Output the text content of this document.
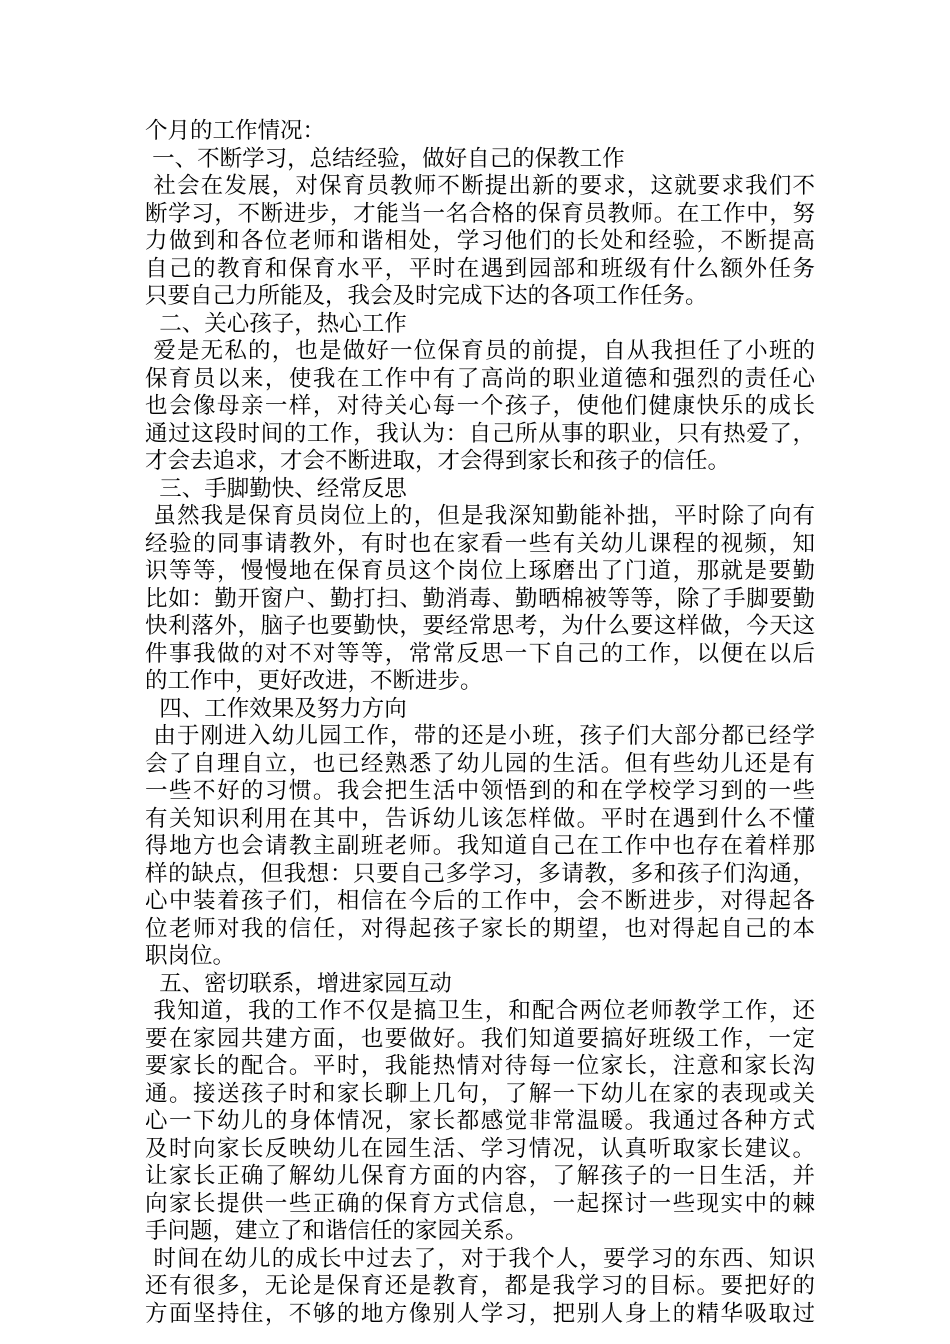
个月的工作情况：
一、不断学习，总结经验，做好自己的保教工作
社会在发展，对保育员教师不断提出新的要求，这就要求我们不
断学习，不断进步，才能当一名合格的保育员教师。在工作中，努
力做到和各位老师和谐相处，学习他们的长处和经验，不断提高
自己的教育和保育水平，平时在遇到园部和班级有什么额外任务
只要自己力所能及，我会及时完成下达的各项工作任务。
二、关心孩子，热心工作
爱是无私的，也是做好一位保育员的前提，自从我担任了小班的
保育员以来，使我在工作中有了高尚的职业道德和强烈的责任心
也会像母亲一样，对待关心每一个孩子，使他们健康快乐的成长
通过这段时间的工作，我认为：自己所从事的职业，只有热爱了，
才会去追求，才会不断进取，才会得到家长和孩子的信任。
三、手脚勤快、经常反思
虽然我是保育员岗位上的，但是我深知勤能补拙，平时除了向有
经验的同事请教外，有时也在家看一些有关幼儿课程的视频，知
识等等，慢慢地在保育员这个岗位上琢磨出了门道，那就是要勤
比如：勤开窗户、勤打扫、勤消毒、勤晒棉被等等，除了手脚要勤
快利落外，脑子也要勤快，要经常思考，为什么要这样做，今天这
件事我做的对不对等等，常常反思一下自己的工作，以便在以后
的工作中，更好改进，不断进步。
四、工作效果及努力方向
由于刚进入幼儿园工作，带的还是小班，孩子们大部分都已经学
会了自理自立，也已经熟悉了幼儿园的生活。但有些幼儿还是有
一些不好的习惯。我会把生活中领悟到的和在学校学习到的一些
有关知识利用在其中，告诉幼儿该怎样做。平时在遇到什么不懂
得地方也会请教主副班老师。我知道自己在工作中也存在着样那
样的缺点，但我想：只要自己多学习，多请教，多和孩子们沟通，
心中装着孩子们，相信在今后的工作中，会不断进步，对得起各
位老师对我的信任，对得起孩子家长的期望，也对得起自己的本
职岗位。
五、密切联系，增进家园互动
我知道，我的工作不仅是搞卫生，和配合两位老师教学工作，还
要在家园共建方面，也要做好。我们知道要搞好班级工作，一定
要家长的配合。平时，我能热情对待每一位家长，注意和家长沟
通。接送孩子时和家长聊上几句，了解一下幼儿在家的表现或关
心一下幼儿的身体情况，家长都感觉非常温暖。我通过各种方式
及时向家长反映幼儿在园生活、学习情况，认真听取家长建议。
让家长正确了解幼儿保育方面的内容，了解孩子的一日生活，并
向家长提供一些正确的保育方式信息，一起探讨一些现实中的棘
手问题，建立了和谐信任的家园关系。
时间在幼儿的成长中过去了，对于我个人，要学习的东西、知识
还有很多，无论是保育还是教育，都是我学习的目标。要把好的
方面坚持住，不够的地方像别人学习，把别人身上的精华吸取过
